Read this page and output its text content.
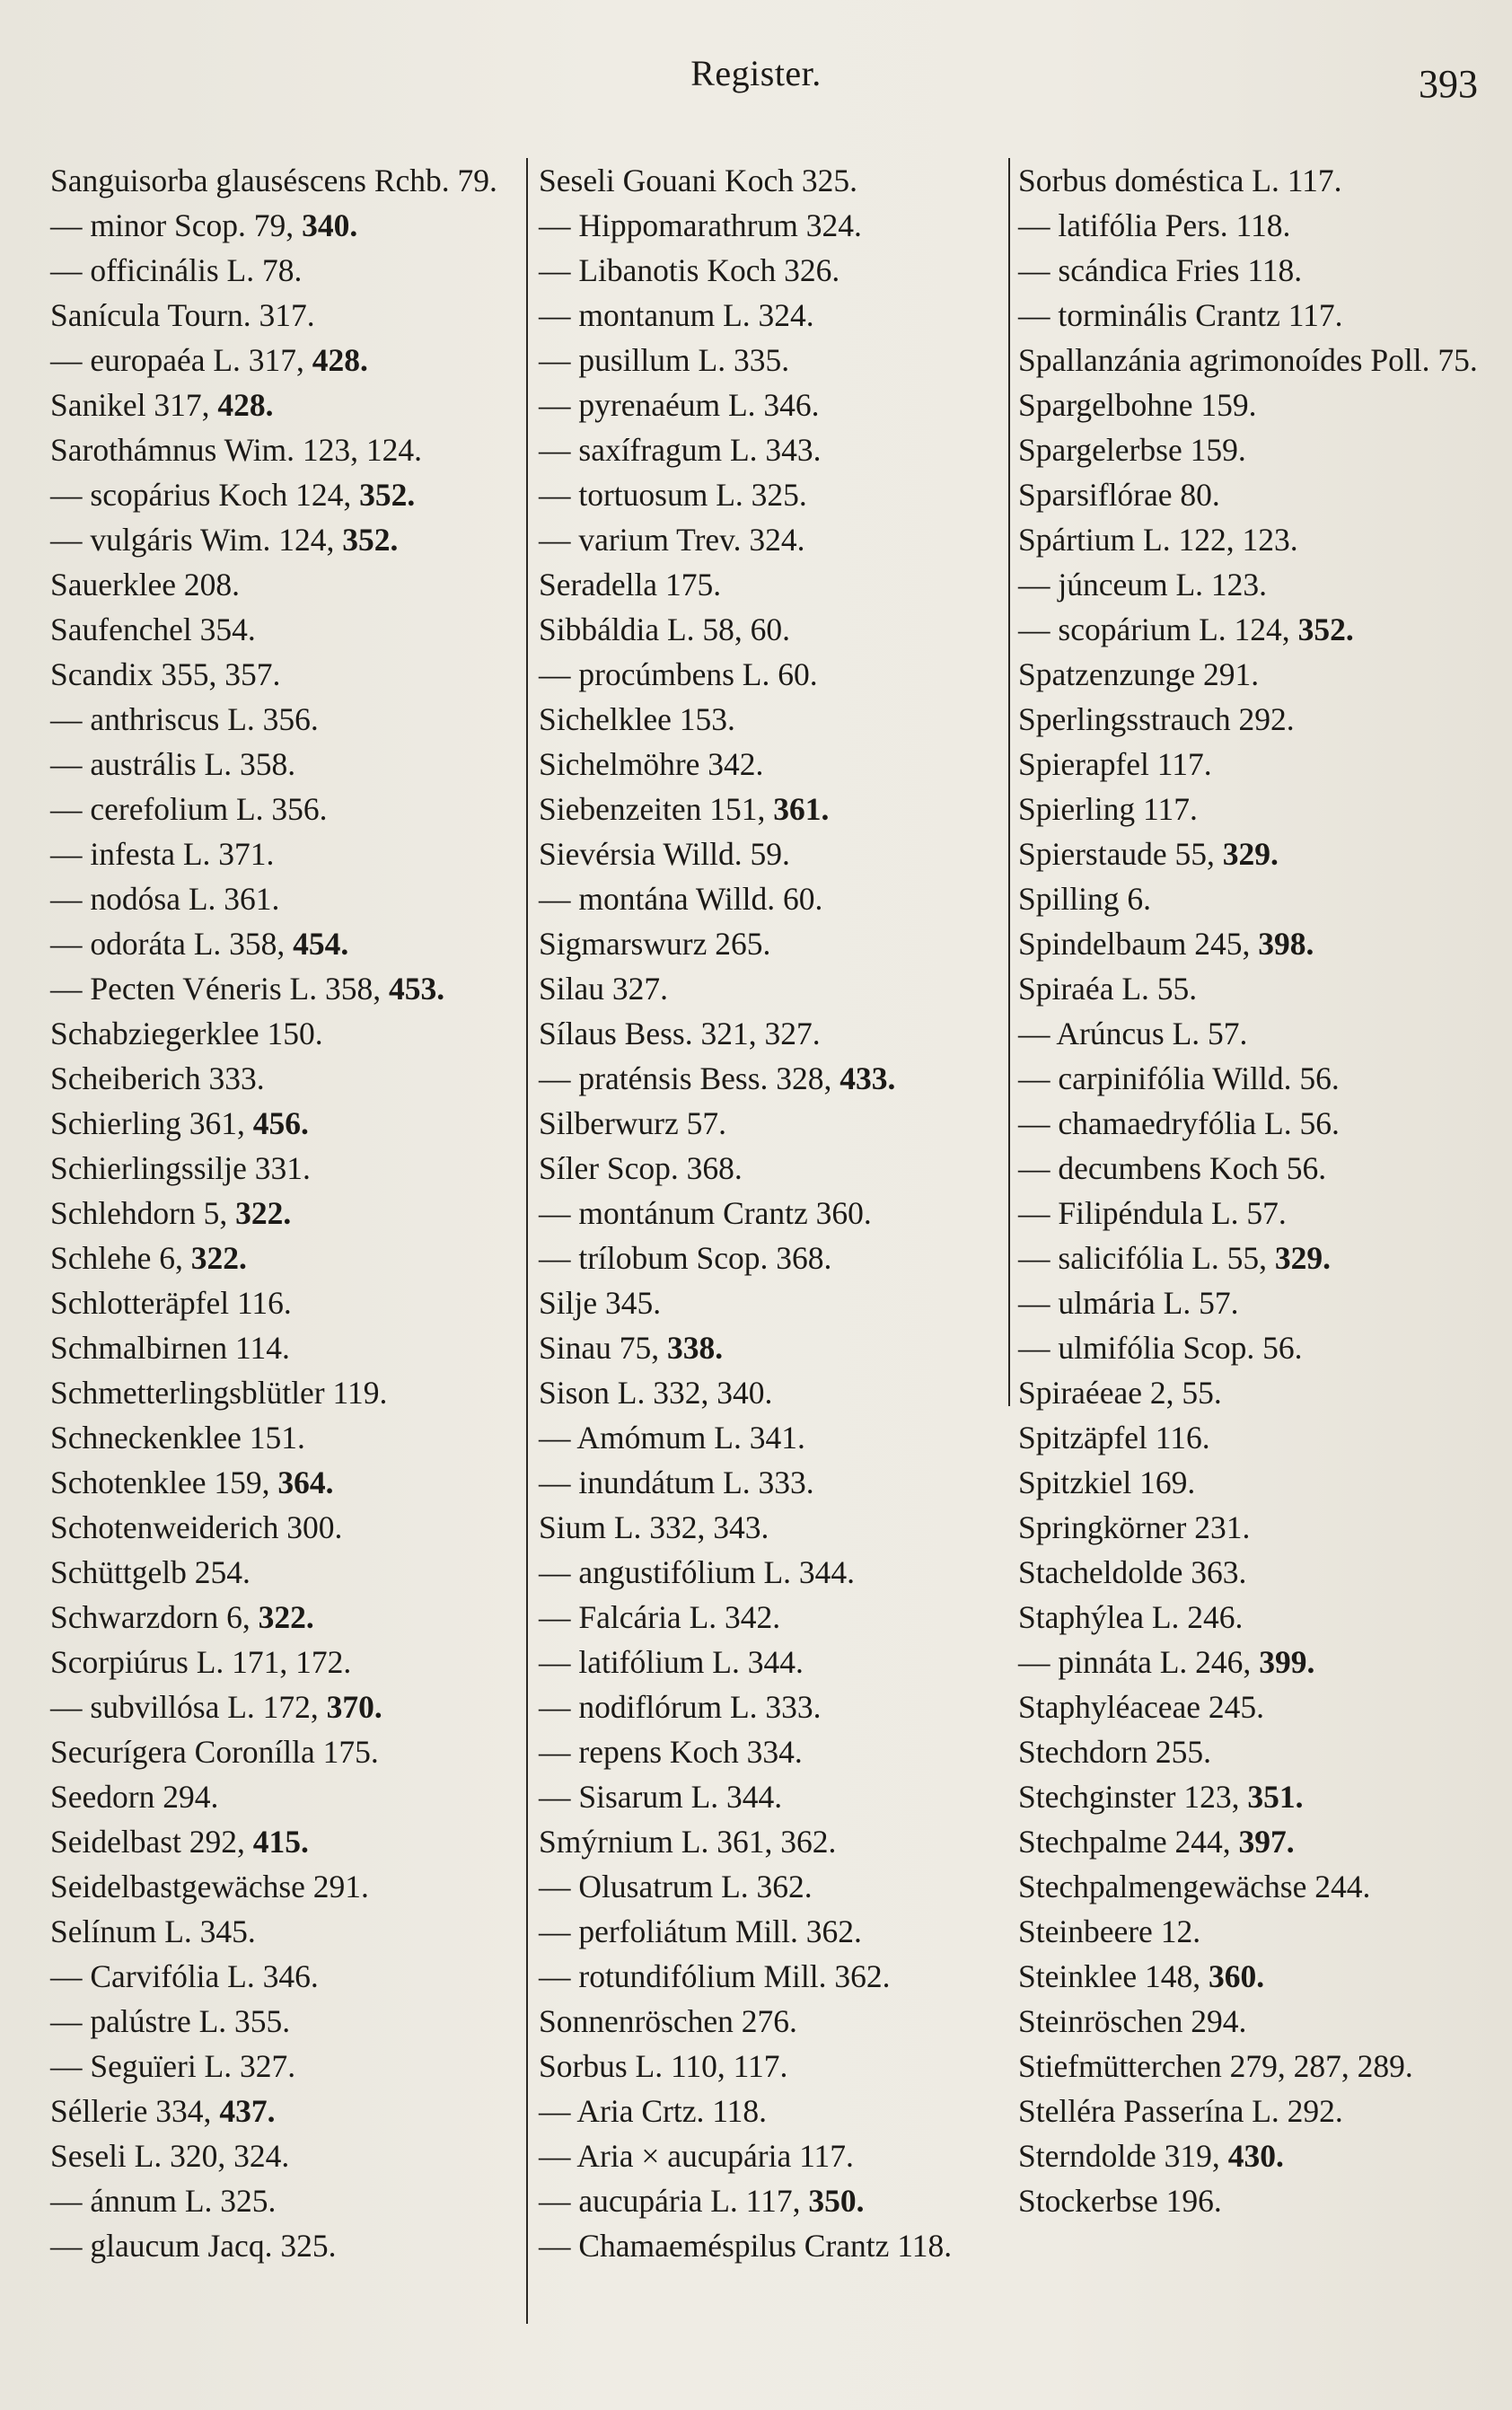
Register.	393
Sanguisorba glauséscens Rchb. 79.
— minor Scop. 79, 340.
— officinális L. 78.
Sanícula Tourn. 317.
— europaéa L. 317, 428.
Sanikel 317, 428.
Sarothámnus Wim. 123, 124.
— scopárius Koch 124, 352.
— vulgáris Wim. 124, 352.
Sauerklee 208.
Saufenchel 354.
Scandix 355, 357.
— anthriscus L. 356.
— austrális L. 358.
— cerefolium L. 356.
— infesta L. 371.
— nodósa L. 361.
— odoráta L. 358, 454.
— Pecten Véneris L. 358, 453.
Schabziegerklee 150.
Scheiberich 333.
Schierling 361, 456.
Schierlingssilje 331.
Schlehdorn 5, 322.
Schlehe 6, 322.
Schlotteräpfel 116.
Schmalbirnen 114.
Schmetterlingsblütler 119.
Schneckenklee 151.
Schotenklee 159, 364.
Schotenweiderich 300.
Schüttgelb 254.
Schwarzdorn 6, 322.
Scorpiúrus L. 171, 172.
— subvillósa L. 172, 370.
Securígera Coronílla 175.
Seedorn 294.
Seidelbast 292, 415.
Seidelbastgewächse 291.
Selínum L. 345.
— Carvifólia L. 346.
— palústre L. 355.
— Seguïeri L. 327.
Séllerie 334, 437.
Seseli L. 320, 324.
— ánnum L. 325.
— glaucum Jacq. 325.
Seseli Gouani Koch 325.
— Hippomarathrum 324.
— Libanotis Koch 326.
— montanum L. 324.
— pusillum L. 335.
— pyrenaéum L. 346.
— saxífragum L. 343.
— tortuosum L. 325.
— varium Trev. 324.
Seradella 175.
Sibbáldia L. 58, 60.
— procúmbens L. 60.
Sichelklee 153.
Sichelmöhre 342.
Siebenzeiten 151, 361.
Sievérsia Willd. 59.
— montána Willd. 60.
Sigmarswurz 265.
Silau 327.
Sílaus Bess. 321, 327.
— praténsis Bess. 328, 433.
Silberwurz 57.
Síler Scop. 368.
— montánum Crantz 360.
— trílobum Scop. 368.
Silje 345.
Sinau 75, 338.
Sison L. 332, 340.
— Amómum L. 341.
— inundátum L. 333.
Sium L. 332, 343.
— angustifólium L. 344.
— Falcária L. 342.
— latifólium L. 344.
— nodiflórum L. 333.
— repens Koch 334.
— Sisarum L. 344.
Smýrnium L. 361, 362.
— Olusatrum L. 362.
— perfoliátum Mill. 362.
— rotundifólium Mill. 362.
Sonnenröschen 276.
Sorbus L. 110, 117.
— Aria Crtz. 118.
— Aria × aucupária 117.
— aucupária L. 117, 350.
— Chamaeméspilus Crantz 118.
Sorbus doméstica L. 117.
— latifólia Pers. 118.
— scándica Fries 118.
— torminális Crantz 117.
Spallanzánia agrimonoídes Poll. 75.
Spargelbohne 159.
Spargelerbse 159.
Sparsiflórae 80.
Spártium L. 122, 123.
— júnceum L. 123.
— scopárium L. 124, 352.
Spatzenzunge 291.
Sperlingsstrauch 292.
Spierapfel 117.
Spierling 117.
Spierstaude 55, 329.
Spilling 6.
Spindelbaum 245, 398.
Spiraéa L. 55.
— Arúncus L. 57.
— carpinifólia Willd. 56.
— chamaedryfólia L. 56.
— decumbens Koch 56.
— Filipéndula L. 57.
— salicifólia L. 55, 329.
— ulmária L. 57.
— ulmifólia Scop. 56.
Spiraéeae 2, 55.
Spitzäpfel 116.
Spitzkiel 169.
Springkörner 231.
Stacheldolde 363.
Staphýlea L. 246.
— pinnáta L. 246, 399.
Staphyléaceae 245.
Stechdorn 255.
Stechginster 123, 351.
Stechpalme 244, 397.
Stechpalmengewächse 244.
Steinbeere 12.
Steinklee 148, 360.
Steinröschen 294.
Stiefmütterchen 279, 287, 289.
Stelléra Passerína L. 292.
Sterndolde 319, 430.
Stockerbse 196.
